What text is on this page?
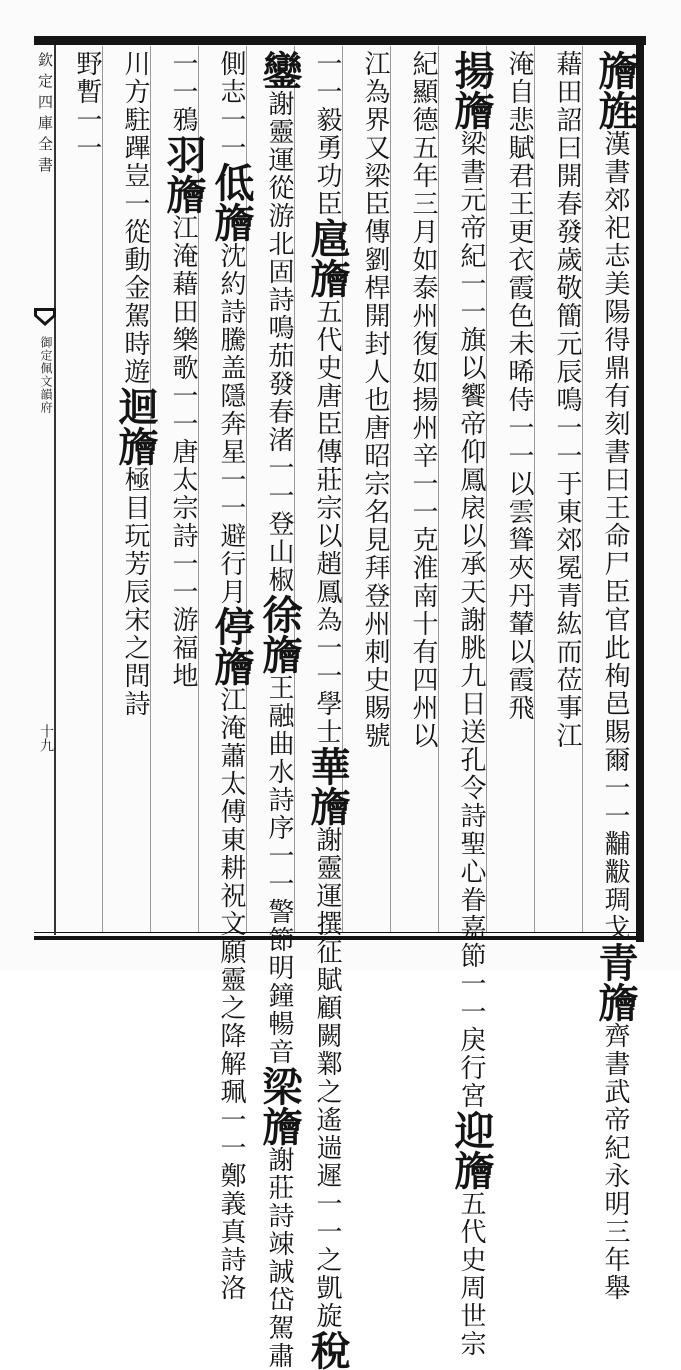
欽定四庫全書
御定佩文韻府
十九
旝旌漢書郊祀志美陽得鼎有刻書曰王命尸臣官此栒邑賜爾一一黼黻琱戈青旝齊書武帝紀永明三年舉
藉田詔曰開春發歲敬簡元辰鳴一一于東郊冕青紘而莅事江
淹自悲賦君王更衣霞色未晞侍一一以雲聳夾丹輦以霞飛
揚旝梁書元帝紀一一旗以饗帝仰鳳扆以承天謝朓九日送孔令詩聖心眷嘉節一一戾行宮迎旝五代史周世宗
紀顯德五年三月如泰州復如揚州辛一一克淮南十有四州以
江為界又梁臣傳劉桿開封人也唐昭宗名見拜登州刺史賜號
一一毅勇功臣扈旝五代史唐臣傳莊宗以趙鳳為一一學士華旝謝靈運撰征賦顧闕鄴之遙遄遲一一之凱旋稅
鑾謝靈運從游北固詩鳴茄發春渚一一登山椒徐旝王融曲水詩序一一警節明鐘暢音梁旝謝莊詩竦誠岱駕肅
側志一一低旝沈約詩騰盖隱奔星一一避行月停旝江淹蕭太傅東耕祝文願靈之降解珮一一鄭義真詩洛
一一鴉羽旝江淹藉田樂歌一一唐太宗詩一一游福地
川方駐蹕豈一從動金駕時遊迴旝極目玩芳辰宋之問詩
野暫一一
